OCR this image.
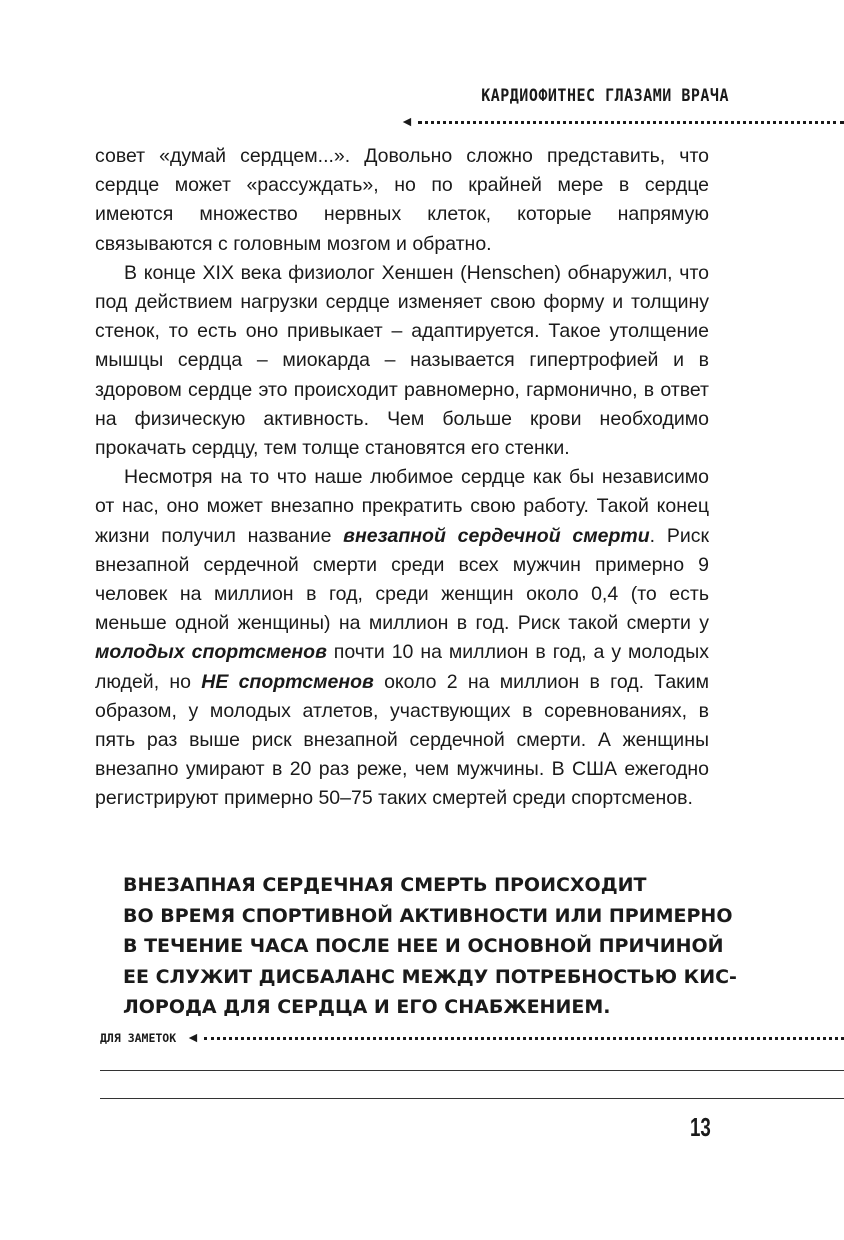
КАРДИОФИТНЕС ГЛАЗАМИ ВРАЧА
◄

совет «думай сердцем...». Довольно сложно представить, что сердце может «рассуждать», но по крайней мере в сердце имеются множество нервных клеток, которые напрямую связываются с головным мозгом и обратно.

В конце XIX века физиолог Хеншен (Henschen) обнаружил, что под действием нагрузки сердце изменяет свою форму и толщину стенок, то есть оно привыкает – адаптируется. Такое утолщение мышцы сердца – миокарда – называется гипертрофией и в здоровом сердце это происходит равномерно, гармонично, в ответ на физическую активность. Чем больше крови необходимо прокачать сердцу, тем толще становятся его стенки.

Несмотря на то что наше любимое сердце как бы независимо от нас, оно может внезапно прекратить свою работу. Такой конец жизни получил название внезапной сердечной смерти. Риск внезапной сердечной смерти среди всех мужчин примерно 9 человек на миллион в год, среди женщин около 0,4 (то есть меньше одной женщины) на миллион в год. Риск такой смерти у молодых спортсменов почти 10 на миллион в год, а у молодых людей, но НЕ спортсменов около 2 на миллион в год. Таким образом, у молодых атлетов, участвующих в соревнованиях, в пять раз выше риск внезапной сердечной смерти. А женщины внезапно умирают в 20 раз реже, чем мужчины. В США ежегодно регистрируют примерно 50–75 таких смертей среди спортсменов.

ВНЕЗАПНАЯ СЕРДЕЧНАЯ СМЕРТЬ ПРОИСХОДИТ
ВО ВРЕМЯ СПОРТИВНОЙ АКТИВНОСТИ ИЛИ ПРИМЕРНО
В ТЕЧЕНИЕ ЧАСА ПОСЛЕ НЕЕ И ОСНОВНОЙ ПРИЧИНОЙ
ЕЕ СЛУЖИТ ДИСБАЛАНС МЕЖДУ ПОТРЕБНОСТЬЮ КИС-
ЛОРОДА ДЛЯ СЕРДЦА И ЕГО СНАБЖЕНИЕМ.
ДЛЯ ЗАМЕТОК ◄
13
